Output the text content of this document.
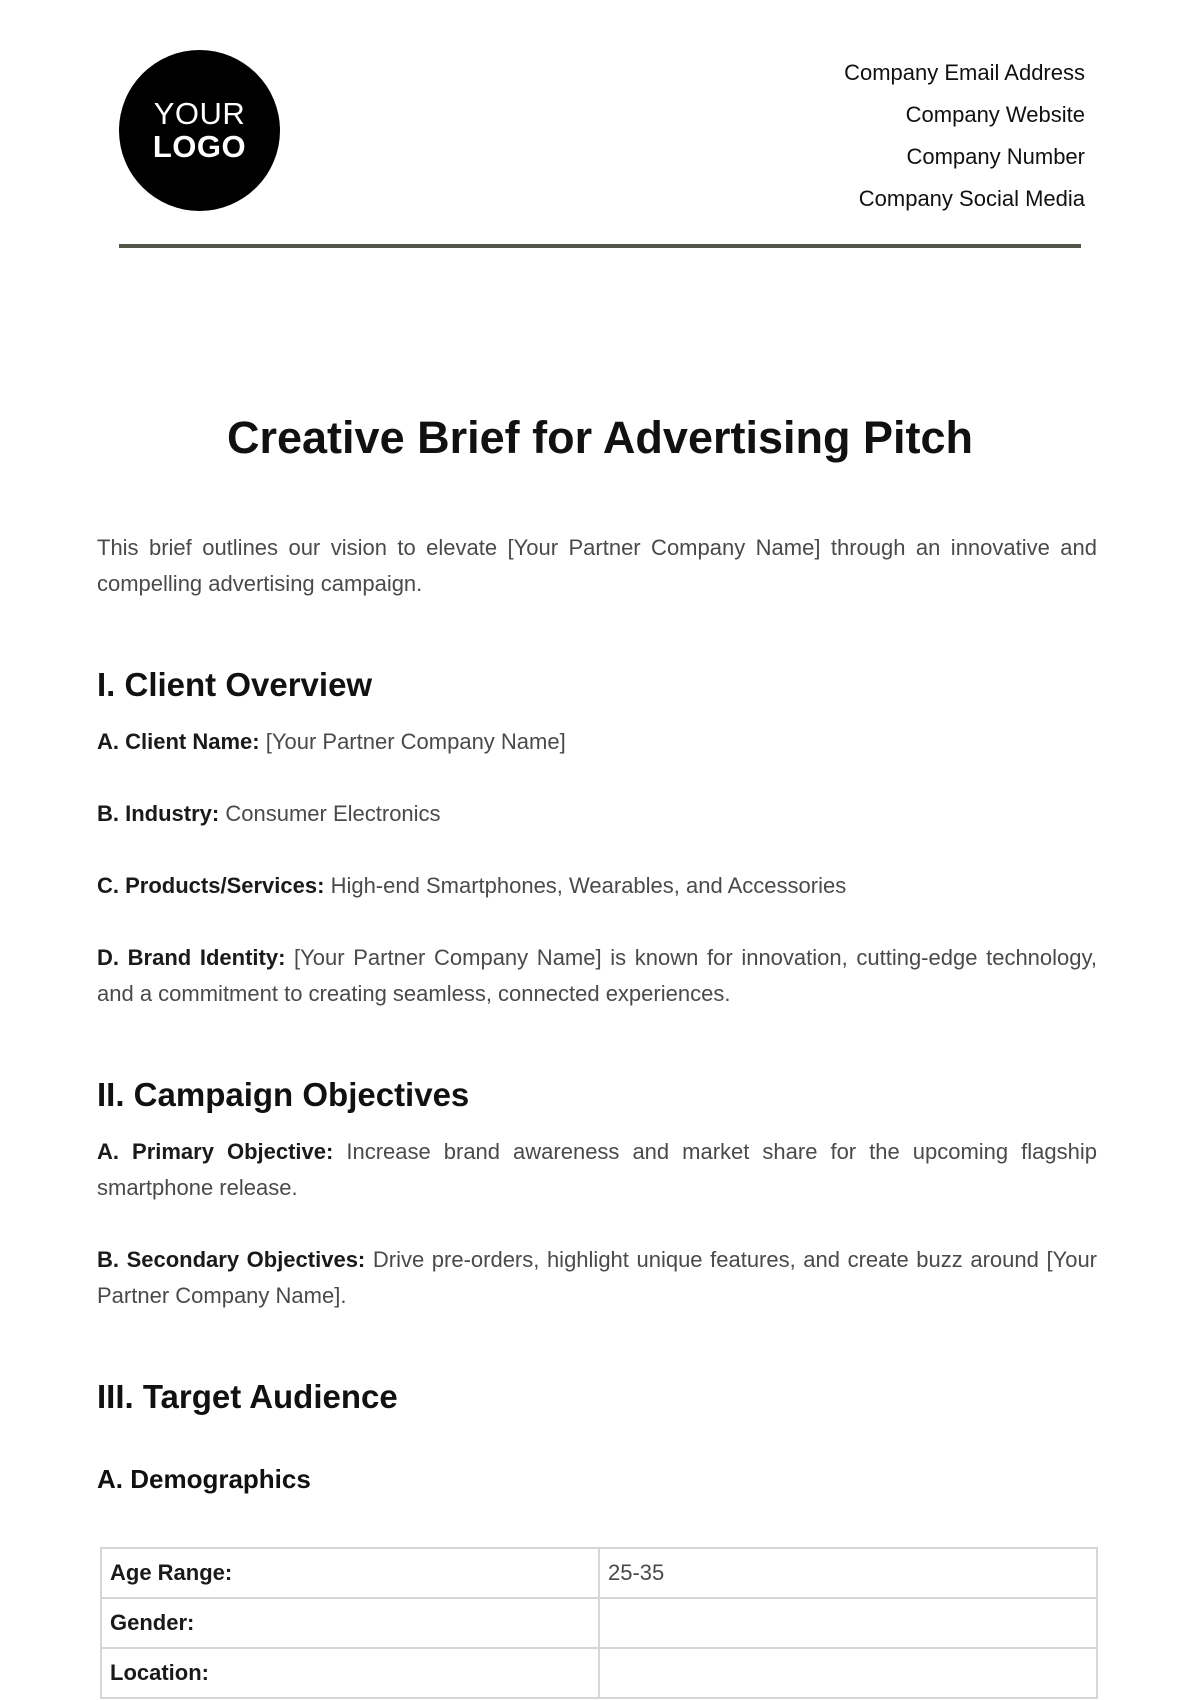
YOUR
LOGO
Company Email Address
Company Website
Company Number
Company Social Media
Creative Brief for Advertising Pitch

This brief outlines our vision to elevate [Your Partner Company Name] through an innovative and compelling advertising campaign.

I. Client Overview

A. Client Name: [Your Partner Company Name]

B. Industry: Consumer Electronics

C. Products/Services: High-end Smartphones, Wearables, and Accessories

D. Brand Identity: [Your Partner Company Name] is known for innovation, cutting-edge technology, and a commitment to creating seamless, connected experiences.

II. Campaign Objectives

A. Primary Objective: Increase brand awareness and market share for the upcoming flagship smartphone release.

B. Secondary Objectives: Drive pre-orders, highlight unique features, and create buzz around [Your Partner Company Name].

III. Target Audience
A. Demographics
Age Range:	25-35
Gender:	
Location:	
